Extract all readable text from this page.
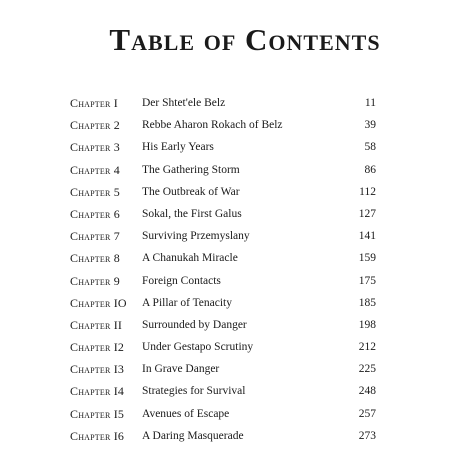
Table of Contents
Chapter I Der Shtet'ele Belz	11
Chapter 2 Rebbe Aharon Rokach of Belz	39
Chapter 3 His Early Years	58
Chapter 4 The Gathering Storm	86
Chapter 5 The Outbreak of War	112
Chapter 6 Sokal, the First Galus	127
Chapter 7 Surviving Przemyslany	141
Chapter 8 A Chanukah Miracle	159
Chapter 9 Foreign Contacts	175
Chapter IO A Pillar of Tenacity	185
Chapter II Surrounded by Danger	198
Chapter I2 Under Gestapo Scrutiny	212
Chapter I3 In Grave Danger	225
Chapter I4 Strategies for Survival	248
Chapter I5 Avenues of Escape	257
Chapter I6 A Daring Masquerade	273
